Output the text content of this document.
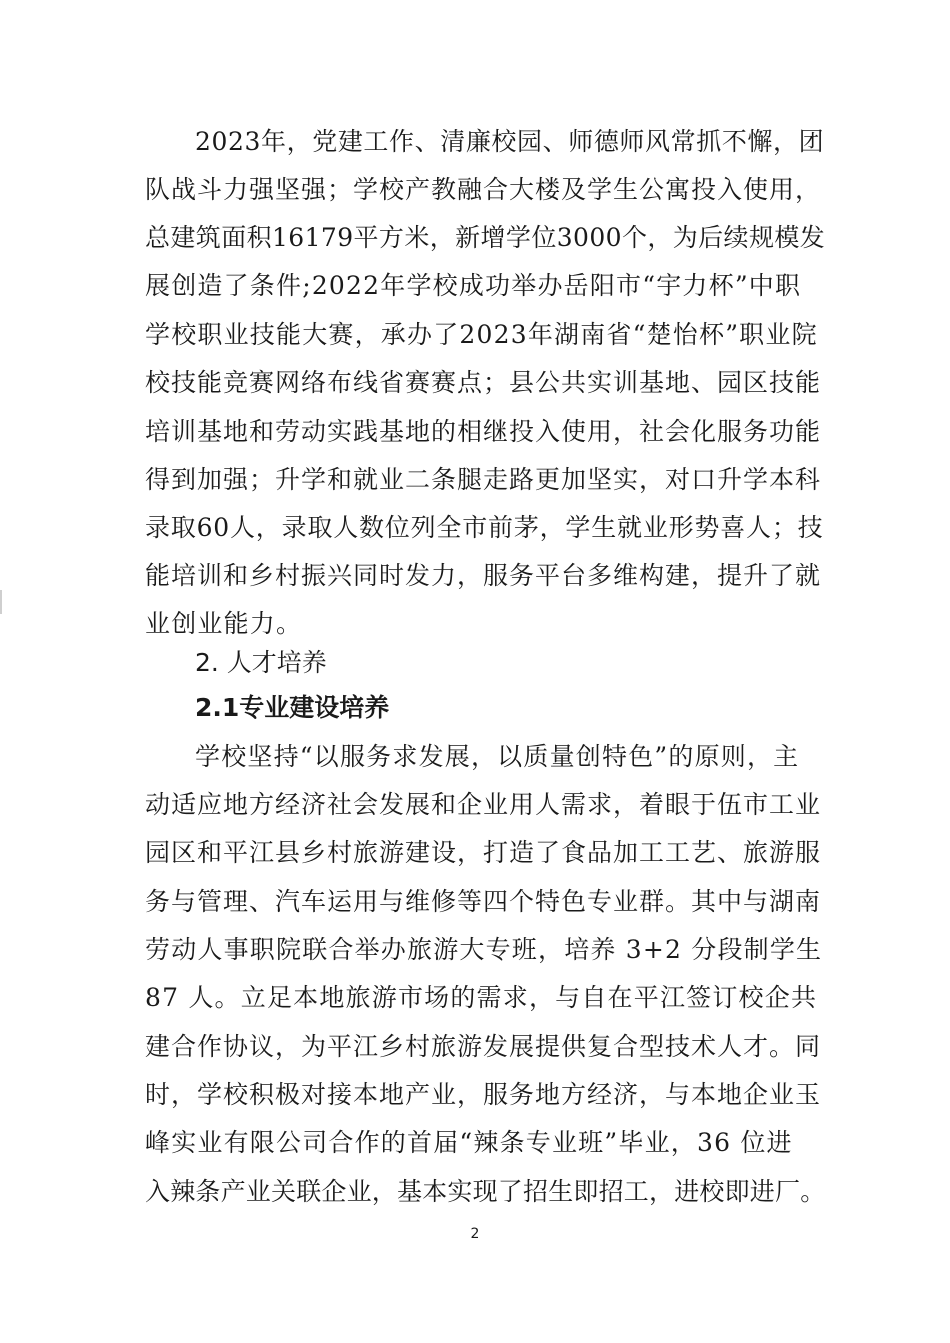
2023年，党建工作、清廉校园、师德师风常抓不懈，团
队战斗力强坚强；学校产教融合大楼及学生公寓投入使用，
总建筑面积16179平方米，新增学位3000个，为后续规模发
展创造了条件;2022年学校成功举办岳阳市“宇力杯”中职
学校职业技能大赛，承办了2023年湖南省“楚怡杯”职业院
校技能竞赛网络布线省赛赛点；县公共实训基地、园区技能
培训基地和劳动实践基地的相继投入使用，社会化服务功能
得到加强；升学和就业二条腿走路更加坚实，对口升学本科
录取60人，录取人数位列全市前茅，学生就业形势喜人；技
能培训和乡村振兴同时发力，服务平台多维构建，提升了就
业创业能力。
2. 人才培养
2.1专业建设培养
学校坚持“以服务求发展，以质量创特色”的原则，主
动适应地方经济社会发展和企业用人需求，着眼于伍市工业
园区和平江县乡村旅游建设，打造了食品加工工艺、旅游服
务与管理、汽车运用与维修等四个特色专业群。其中与湖南
劳动人事职院联合举办旅游大专班，培养 3+2 分段制学生
87 人。立足本地旅游市场的需求，与自在平江签订校企共
建合作协议，为平江乡村旅游发展提供复合型技术人才。同
时，学校积极对接本地产业，服务地方经济，与本地企业玉
峰实业有限公司合作的首届“辣条专业班”毕业，36 位进
入辣条产业关联企业，基本实现了招生即招工，进校即进厂。
2
